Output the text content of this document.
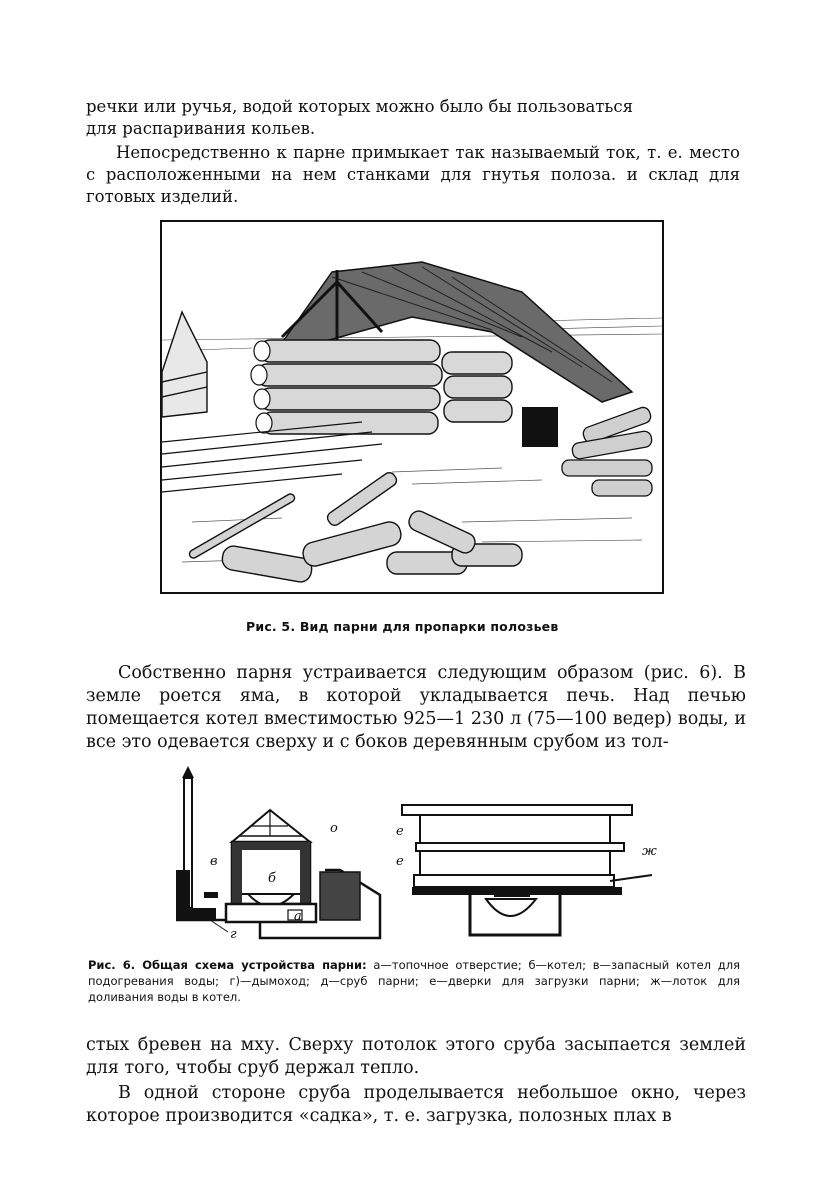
речки или ручья, водой которых можно было бы пользоваться

для распаривания кольев.

Непосредственно к парне примыкает так называемый ток, т. е. место с расположенными на нем станками для гнутья полоза. и склад для готовых изделий.

Рис. 5. Вид парни для пропарки полозьев

Собственно парня устраивается следующим образом (рис. 6). В земле роется яма, в которой укладывается печь. Над печью помещается котел вместимостью 925—1 230 л (75—100 ведер) воды, и все это одевается сверху и с боков деревянным срубом из тол-

в
о
б
а
г
е
е
ж
Рис. 6. Общая схема устройства парни: а—топочное отверстие; б—котел; в—запасный котел для подогревания воды; г)—дымоход; д—сруб парни; е—дверки для загрузки парни; ж—лоток для доливания воды в котел.

стых бревен на мху. Сверху потолок этого сруба засыпается землей для того, чтобы сруб держал тепло.

В одной стороне сруба проделывается небольшое окно, через которое производится «садка», т. е. загрузка, полозных плах в
